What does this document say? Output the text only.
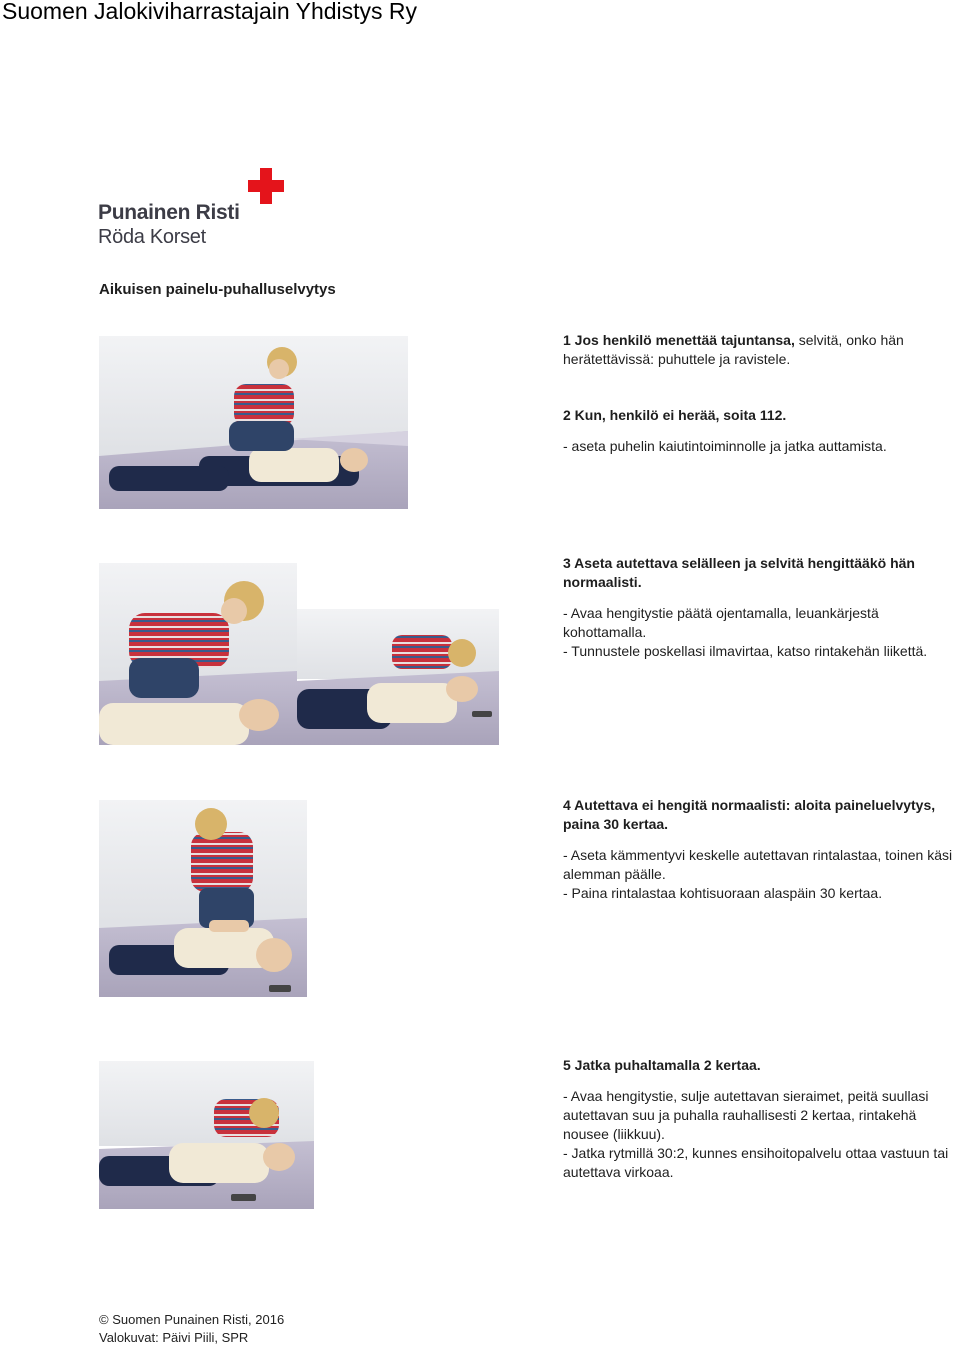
Suomen Jalokiviharrastajain Yhdistys Ry
Punainen Risti
Röda Korset
Aikuisen painelu-puhalluselvytys

1 Jos henkilö menettää tajuntansa, selvitä, onko hän herätettävissä: puhuttele ja ravistele.

2 Kun, henkilö ei herää, soita 112.

- aseta puhelin kaiutintoiminnolle ja jatka auttamista.

3 Aseta autettava selälleen ja selvitä hengittääkö hän normaalisti.

- Avaa hengitystie päätä ojentamalla, leuankärjestä kohottamalla.
- Tunnustele poskellasi ilmavirtaa, katso rintakehän liikettä.

4 Autettava ei hengitä normaalisti: aloita paineluelvytys, paina 30 kertaa.

- Aseta kämmentyvi keskelle autettavan rintalastaa, toinen käsi alemman päälle.
- Paina rintalastaa kohtisuoraan alaspäin 30 kertaa.

5 Jatka puhaltamalla 2 kertaa.

- Avaa hengitystie, sulje autettavan sieraimet, peitä suullasi autettavan suu ja puhalla rauhallisesti 2 kertaa, rintakehä nousee (liikkuu).
- Jatka rytmillä 30:2, kunnes ensihoitopalvelu ottaa vastuun tai autettava virkoaa.

© Suomen Punainen Risti, 2016
Valokuvat: Päivi Piili, SPR
